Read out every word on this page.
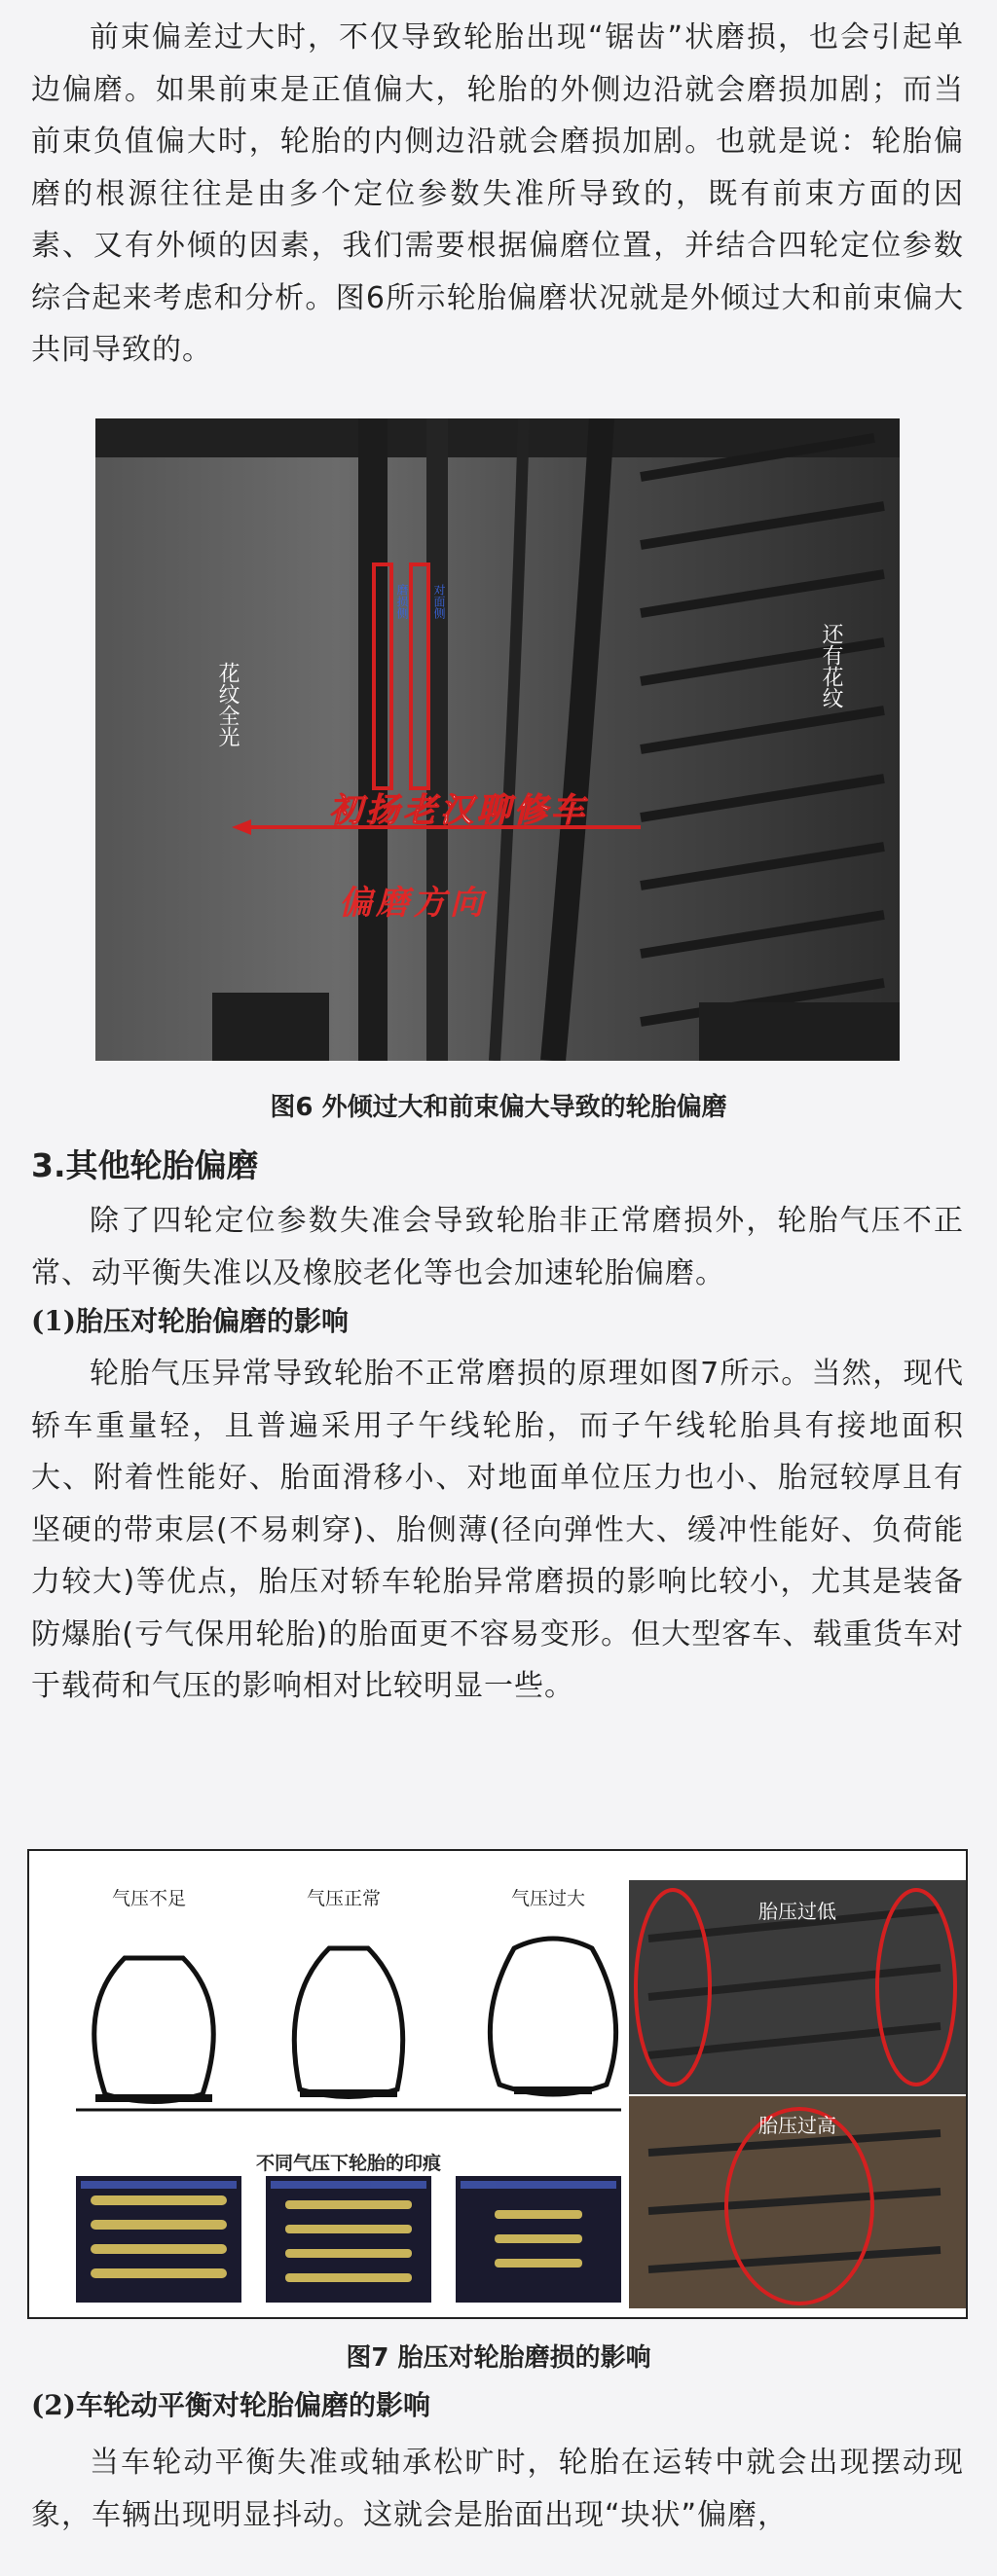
前束偏差过大时，不仅导致轮胎出现“锯齿”状磨损，也会引起单边偏磨。如果前束是正值偏大，轮胎的外侧边沿就会磨损加剧；而当前束负值偏大时，轮胎的内侧边沿就会磨损加剧。也就是说：轮胎偏磨的根源往往是由多个定位参数失准所导致的，既有前束方面的因素、又有外倾的因素，我们需要根据偏磨位置，并结合四轮定位参数综合起来考虑和分析。图6所示轮胎偏磨状况就是外倾过大和前束偏大共同导致的。

花纹全光	还有花纹
磨损侧 对面侧
初扬老汉聊修车
偏磨方向

图6 外倾过大和前束偏大导致的轮胎偏磨

3.其他轮胎偏磨

除了四轮定位参数失准会导致轮胎非正常磨损外，轮胎气压不正常、动平衡失准以及橡胶老化等也会加速轮胎偏磨。

(1)胎压对轮胎偏磨的影响

轮胎气压异常导致轮胎不正常磨损的原理如图7所示。当然，现代轿车重量轻，且普遍采用子午线轮胎，而子午线轮胎具有接地面积大、附着性能好、胎面滑移小、对地面单位压力也小、胎冠较厚且有坚硬的带束层(不易刺穿)、胎侧薄(径向弹性大、缓冲性能好、负荷能力较大)等优点，胎压对轿车轮胎异常磨损的影响比较小，尤其是装备防爆胎(亏气保用轮胎)的胎面更不容易变形。但大型客车、载重货车对于载荷和气压的影响相对比较明显一些。

气压不足	气压正常	气压过大
不同气压下轮胎的印痕
胎压过低
胎压过高

图7 胎压对轮胎磨损的影响

(2)车轮动平衡对轮胎偏磨的影响

当车轮动平衡失准或轴承松旷时，轮胎在运转中就会出现摆动现象，车辆出现明显抖动。这就会是胎面出现“块状”偏磨，
